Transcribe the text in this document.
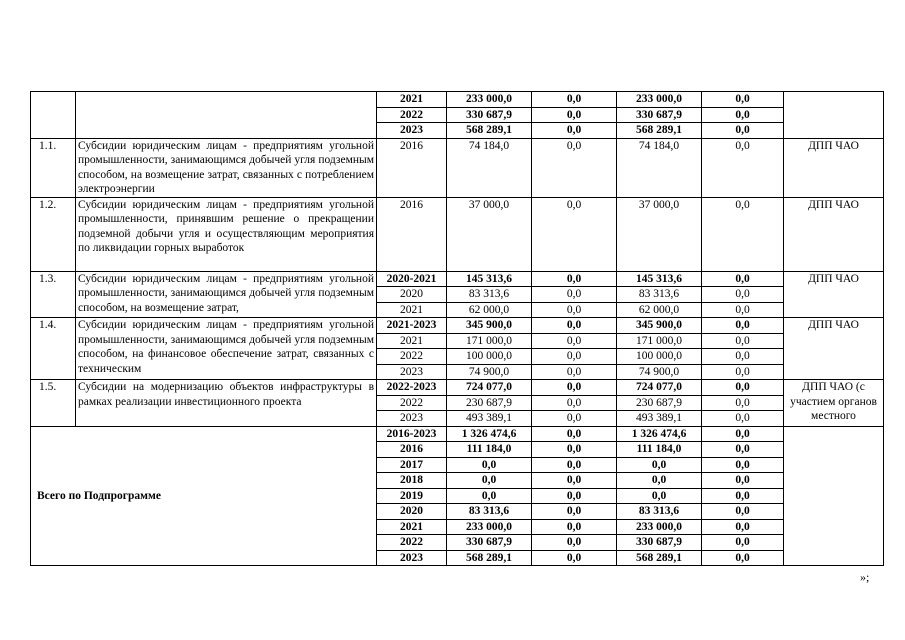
		2021	233 000,0	0,0	233 000,0	0,0	
		2022	330 687,9	0,0	330 687,9	0,0	
		2023	568 289,1	0,0	568 289,1	0,0	
1.1.	Субсидии юридическим лицам - предприятиям угольной промышленности, занимающимся добычей угля подземным способом, на возмещение затрат, связанных с потреблением электроэнергии	2016	74 184,0	0,0	74 184,0	0,0	ДПП ЧАО
1.2.	Субсидии юридическим лицам - предприятиям угольной промышленности, принявшим решение о прекращении подземной добычи угля и осуществляющим мероприятия по ликвидации горных выработок	2016	37 000,0	0,0	37 000,0	0,0	ДПП ЧАО
1.3.	Субсидии юридическим лицам - предприятиям угольной промышленности, занимающимся добычей угля подземным способом, на возмещение затрат,	2020-2021	145 313,6	0,0	145 313,6	0,0	ДПП ЧАО
		2020	83 313,6	0,0	83 313,6	0,0	
		2021	62 000,0	0,0	62 000,0	0,0	
1.4.	Субсидии юридическим лицам - предприятиям угольной промышленности, занимающимся добычей угля подземным способом, на финансовое обеспечение затрат, связанных с техническим	2021-2023	345 900,0	0,0	345 900,0	0,0	ДПП ЧАО
		2021	171 000,0	0,0	171 000,0	0,0	
		2022	100 000,0	0,0	100 000,0	0,0	
		2023	74 900,0	0,0	74 900,0	0,0	
1.5.	Субсидии на модернизацию объектов инфраструктуры в рамках реализации инвестиционного проекта	2022-2023	724 077,0	0,0	724 077,0	0,0	ДПП ЧАО (с участием органов местного
		2022	230 687,9	0,0	230 687,9	0,0	
		2023	493 389,1	0,0	493 389,1	0,0	
Всего по Подпрограмме		2016-2023	1 326 474,6	0,0	1 326 474,6	0,0	
		2016	111 184,0	0,0	111 184,0	0,0	
		2017	0,0	0,0	0,0	0,0	
		2018	0,0	0,0	0,0	0,0	
		2019	0,0	0,0	0,0	0,0	
		2020	83 313,6	0,0	83 313,6	0,0	
		2021	233 000,0	0,0	233 000,0	0,0	
		2022	330 687,9	0,0	330 687,9	0,0	
		2023	568 289,1	0,0	568 289,1	0,0	
»;
